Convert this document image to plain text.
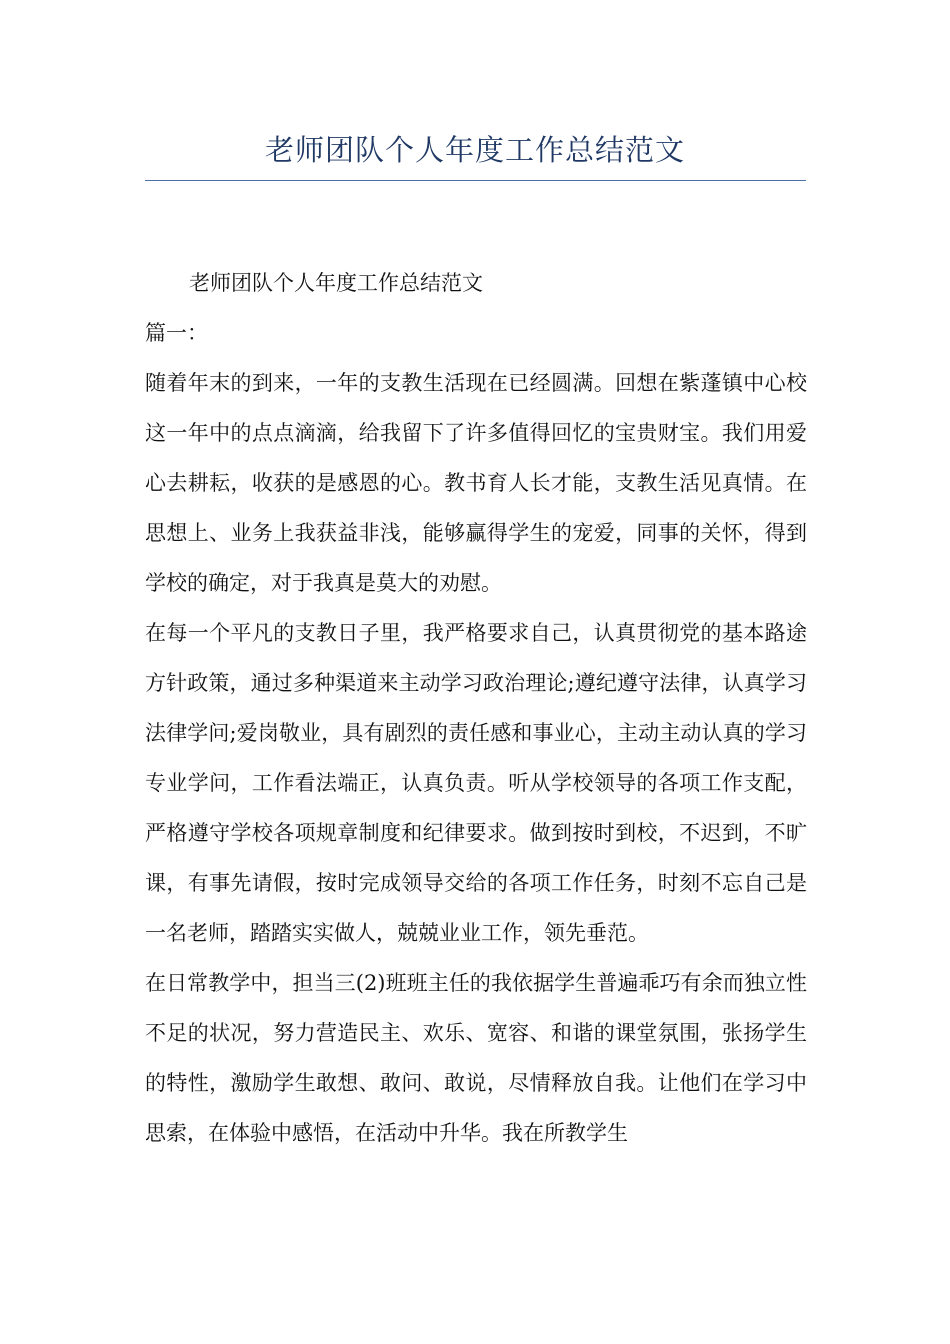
老师团队个人年度工作总结范文

老师团队个人年度工作总结范文

篇一：

随着年末的到来，一年的支教生活现在已经圆满。回想在紫蓬镇中心校这一年中的点点滴滴，给我留下了许多值得回忆的宝贵财宝。我们用爱心去耕耘，收获的是感恩的心。教书育人长才能，支教生活见真情。在思想上、业务上我获益非浅，能够赢得学生的宠爱，同事的关怀，得到学校的确定，对于我真是莫大的劝慰。

在每一个平凡的支教日子里，我严格要求自己，认真贯彻党的基本路途方针政策，通过多种渠道来主动学习政治理论;遵纪遵守法律，认真学习法律学问;爱岗敬业，具有剧烈的责任感和事业心，主动主动认真的学习专业学问，工作看法端正，认真负责。听从学校领导的各项工作支配，严格遵守学校各项规章制度和纪律要求。做到按时到校，不迟到，不旷课，有事先请假，按时完成领导交给的各项工作任务，时刻不忘自己是一名老师，踏踏实实做人，兢兢业业工作，领先垂范。

在日常教学中，担当三(2)班班主任的我依据学生普遍乖巧有余而独立性不足的状况，努力营造民主、欢乐、宽容、和谐的课堂氛围，张扬学生的特性，激励学生敢想、敢问、敢说，尽情释放自我。让他们在学习中思索，在体验中感悟，在活动中升华。我在所教学生
